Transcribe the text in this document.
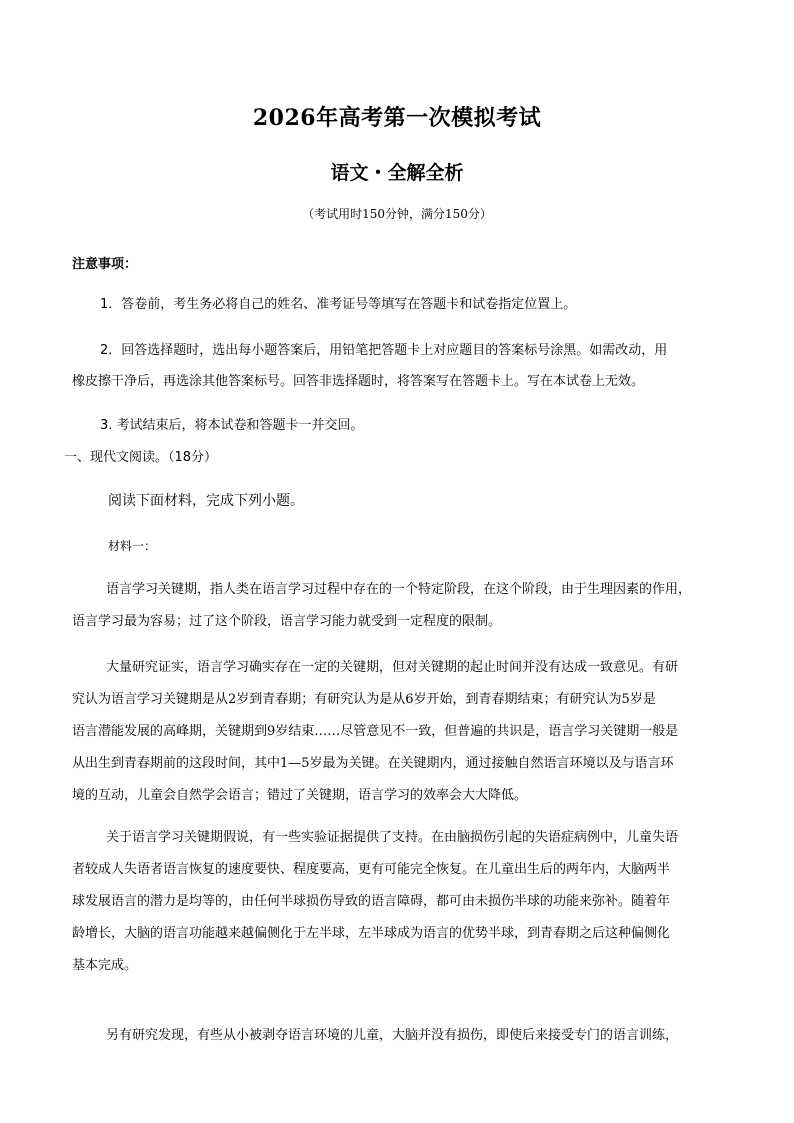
2026年高考第一次模拟考试
语文・全解全析
（考试用时150分钟，满分150分）
注意事项：
1．答卷前，考生务必将自己的姓名、准考证号等填写在答题卡和试卷指定位置上。
2．回答选择题时，选出每小题答案后，用铅笔把答题卡上对应题目的答案标号涂黑。如需改动，用
橡皮擦干净后，再选涂其他答案标号。回答非选择题时，将答案写在答题卡上。写在本试卷上无效。
3. 考试结束后，将本试卷和答题卡一并交回。
一、现代文阅读。（18分）
阅读下面材料，完成下列小题。
材料一：
语言学习关键期，指人类在语言学习过程中存在的一个特定阶段，在这个阶段，由于生理因素的作用，
语言学习最为容易；过了这个阶段，语言学习能力就受到一定程度的限制。
大量研究证实，语言学习确实存在一定的关键期，但对关键期的起止时间并没有达成一致意见。有研
究认为语言学习关键期是从2岁到青春期；有研究认为是从6岁开始，到青春期结束；有研究认为5岁是
语言潜能发展的高峰期，关键期到9岁结束……尽管意见不一致，但普遍的共识是，语言学习关键期一般是
从出生到青春期前的这段时间，其中1—5岁最为关键。在关键期内，通过接触自然语言环境以及与语言环
境的互动，儿童会自然学会语言；错过了关键期，语言学习的效率会大大降低。
关于语言学习关键期假说，有一些实验证据提供了支持。在由脑损伤引起的失语症病例中，儿童失语
者较成人失语者语言恢复的速度要快、程度要高，更有可能完全恢复。在儿童出生后的两年内，大脑两半
球发展语言的潜力是均等的，由任何半球损伤导致的语言障碍，都可由未损伤半球的功能来弥补。随着年
龄增长，大脑的语言功能越来越偏侧化于左半球，左半球成为语言的优势半球，到青春期之后这种偏侧化
基本完成。
另有研究发现，有些从小被剥夺语言环境的儿童，大脑并没有损伤，即使后来接受专门的语言训练，
